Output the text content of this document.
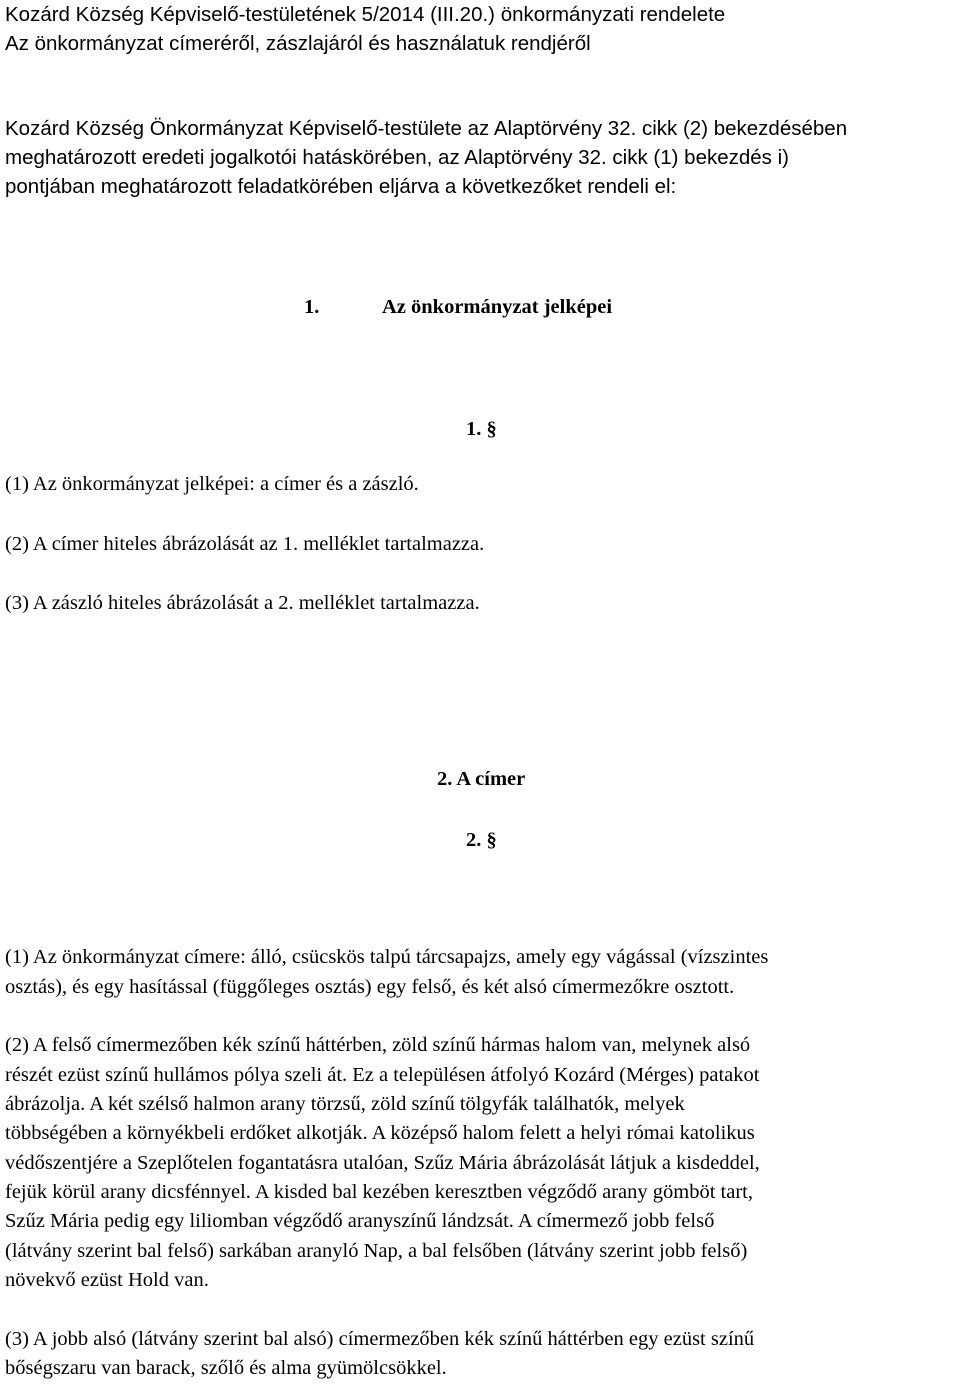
Kozárd Község Képviselő-testületének 5/2014 (III.20.) önkormányzati rendelete
Az önkormányzat címeréről, zászlajáról és használatuk rendjéről
Kozárd Község Önkormányzat Képviselő-testülete az Alaptörvény 32. cikk (2) bekezdésében
meghatározott eredeti jogalkotói hatáskörében, az Alaptörvény 32. cikk (1) bekezdés i)
pontjában meghatározott feladatkörében eljárva a következőket rendeli el:
1.	Az önkormányzat jelképei
1. §
(1) Az önkormányzat jelképei: a címer és a zászló.
(2) A címer hiteles ábrázolását az 1. melléklet tartalmazza.
(3) A zászló hiteles ábrázolását a 2. melléklet tartalmazza.
2. A címer
2. §
(1) Az önkormányzat címere: álló, csücskös talpú tárcsapajzs, amely egy vágással (vízszintes
osztás), és egy hasítással (függőleges osztás) egy felső, és két alsó címermezőkre osztott.
(2) A felső címermezőben kék színű háttérben, zöld színű hármas halom van, melynek alsó
részét ezüst színű hullámos pólya szeli át. Ez a településen átfolyó Kozárd (Mérges) patakot
ábrázolja. A két szélső halmon arany törzsű, zöld színű tölgyfák találhatók, melyek
többségében a környékbeli erdőket alkotják. A középső halom felett a helyi római katolikus
védőszentjére a Szeplőtelen fogantatásra utalóan, Szűz Mária ábrázolását látjuk a kisdeddel,
fejük körül arany dicsfénnyel. A kisded bal kezében keresztben végződő arany gömböt tart,
Szűz Mária pedig egy liliomban végződő aranyszínű lándzsát. A címermező jobb felső
(látvány szerint bal felső) sarkában aranyló Nap, a bal felsőben (látvány szerint jobb felső)
növekvő ezüst Hold van.
(3) A jobb alsó (látvány szerint bal alsó) címermezőben kék színű háttérben egy ezüst színű
bőségszaru van barack, szőlő és alma gyümölcsökkel.
